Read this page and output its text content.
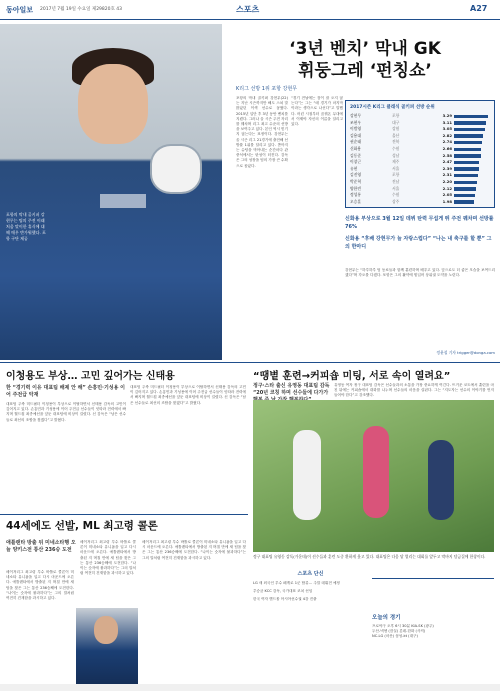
동아일보 2017년 7월 19일 수요일 제29820호 43	스포츠	A27
포항의 막내 골키퍼 강현무는 팀의 주전 이래 처음 맞이한 휴식에 대해 매우 반가워했다. 포항 구단 제공
‘3년 벤치’ 막내 GK
휘둥그레 ‘펀칭쇼’
K리그 선방 1위 포항 강현무
포항의 막내 골키퍼 강현무(22)는 지난 시즌까지만 해도 스쳐 말 많았던 이색 선수로 꼽혔다. 2015년 입단 후 3년 동안 벤치를 지켰다. 그러나 올 시즌 주전 자리를 꿰차며 리그 최고 수준의 선방을 보여주고 있다. 본인 역시 믿기지 않는다는 표정이다. 강현무는 올 시즌 리그 21경기에 출전해 선방률 1위를 달리고 있다. 쏟아지는 슈팅을 막아내는 순간마다 관중석에서는 탄성이 터진다. 감독은 그의 성장을 팀의 가장 큰 수확으로 꼽았다.
“경기 전날에는 잠이 잘 오지 않는다”는 그는 “매 경기가 마지막이라는 생각으로 나선다”고 말했다. 어린 시절부터 꿈꿔온 무대에서 이제야 자신의 이름을 알리고 있다.
2017시즌 K리그 클래식 골키퍼 선방 순위
강현무	포항	3.29
조현우	대구	3.11
이범영	강원	3.05
김용대	울산	2.82
권순태	전북	2.74
신화용	수원	2.66
김동준	성남	2.58
이창근	제주	2.47
유현	서울	2.39
김진영	포항	2.31
박준혁	전남	2.20
양한빈	서울	2.12
정성룡	수원	2.05
오승훈	상주	1.98
신화용 부상으로 3월 12일 데뷔 탄력 무섭게 뛰 주전 꿰차며 선방률 76%
신화용 “후배 강현무가 늘 자랑스럽다” “나는 내 축구를 할 뿐” 그의 한마디
강현무는 “하루하루 팀 동료들과 함께 훈련하며 배우고 있다. 앞으로도 더 좋은 모습을 보여드리겠다”며 각오를 다졌다. 포항은 그의 활약에 힘입어 상위권 도약을 노린다.
정윤철 기자 trigger@donga.com
이청용도 부상… 고민 깊어가는 신태용
한 “경기력 이유 대표팀 배제 안 해” 손흥민·기성용 이어 주전급 악재
대표팀 주축 미드필더 이청용이 부상으로 이탈하면서 신태용 감독의 고민이 깊어지고 있다. 손흥민과 기성용에 이어 주전급 선수들이 잇따라 전력에서 빠지며 월드컵 최종예선을 앞둔 대표팀에 비상이 걸렸다. 신 감독은 “남은 선수들로 최선의 조합을 찾겠다”고 밝혔다.
대표팀 주축 미드필더 이청용이 부상으로 이탈하면서 신태용 감독의 고민이 깊어지고 있다. 손흥민과 기성용에 이어 주전급 선수들이 잇따라 전력에서 빠지며 월드컵 최종예선을 앞둔 대표팀에 비상이 걸렸다. 신 감독은 “남은 선수들로 최선의 조합을 찾겠다”고 밝혔다.
“땡볕 훈련→커피숍 미팅, 서로 속이 열려요”
정구·스타 출신 유영동 대표팀 감독 “20년 코칭 하며 선수들에 다가가
유영동 여자 정구 대표팀 감독은 선수들과의 소통을 가장 중요하게 여긴다. 뜨거운 코트에서 훈련을 마친 뒤에는 커피숍에서 대화를 나누며 선수들의 마음을 살핀다. 그는 “지도자는 선수의 이야기를 먼저 들어야 한다”고 강조했다.
정구 대표팀 유영동 감독(가운데)이 선수들과 훈련 도중 환하게 웃고 있다. 대표팀은 다음 달 열리는 대회를 앞두고 막바지 담금질에 한창이다.
44세에도 선발, ML 최고령 콜론
애틀랜타 방출 뒤 미네소타행 오늘 양키스전 통산 236승 도전
메이저리그 최고령 투수 바톨로 콜론이 미네소타 유니폼을 입고 다시 마운드에 오른다. 애틀랜타에서 방출된 지 며칠 만에 새 팀을 찾은 그는 통산 236승째에 도전한다. “나이는 숫자에 불과하다”는 그의 말처럼 여전히 건재함을 과시하고 있다.
메이저리그 최고령 투수 바톨로 콜론이 미네소타 유니폼을 입고 다시 마운드에 오른다. 애틀랜타에서 방출된 지 며칠 만에 새 팀을 찾은 그는 통산 236승째에 도전한다. “나이는 숫자에 불과하다”는 그의 말처럼 여전히 건재함을 과시하고 있다.
메이저리그 최고령 투수 바톨로 콜론이 미네소타 유니폼을 입고 다시 마운드에 오른다. 애틀랜타에서 방출된 지 며칠 만에 새 팀을 찾은 그는 통산 236승째에 도전한다. “나이는 숫자에 불과하다”는 그의 말처럼 여전히 건재함을 과시하고 있다.
스포츠 단신
LG 새 외국인 투수 페게로 1군 합류… 주말 데뷔전 예정
추승균 KCC 감독, 국가대표 코치 선임
한국 여자 핸드볼 아시아선수권 4강 진출
오늘의 경기
프로야구 오후 6시 30분 KIA-SK (광주)
두산-넥센 (잠실) 롯데-한화 (사직)
NC-LG (마산) 삼성-kt (대구)
